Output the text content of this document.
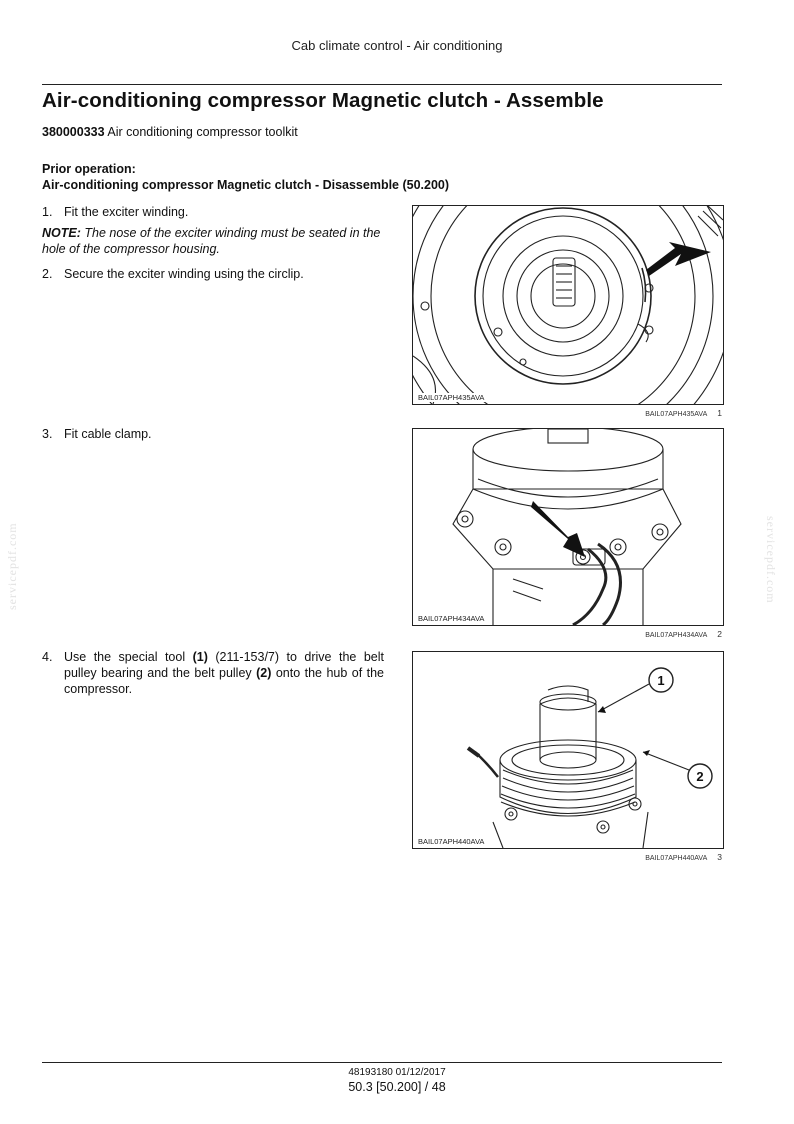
Cab climate control - Air conditioning
Air-conditioning compressor Magnetic clutch - Assemble
380000333 Air conditioning compressor toolkit
Prior operation:
Air-conditioning compressor Magnetic clutch - Disassemble (50.200)
1. Fit the exciter winding.
NOTE: The nose of the exciter winding must be seated in the hole of the compressor housing.
2. Secure the exciter winding using the circlip.
BAIL07APH435AVA
BAIL07APH435AVA 1
3. Fit cable clamp.
BAIL07APH434AVA
BAIL07APH434AVA 2
4. Use the special tool (1) (211-153/7) to drive the belt pulley bearing and the belt pulley (2) onto the hub of the compressor.
1
2
BAIL07APH440AVA
BAIL07APH440AVA 3
servicepdf.com	servicepdf.com
48193180 01/12/2017
50.3 [50.200] / 48
